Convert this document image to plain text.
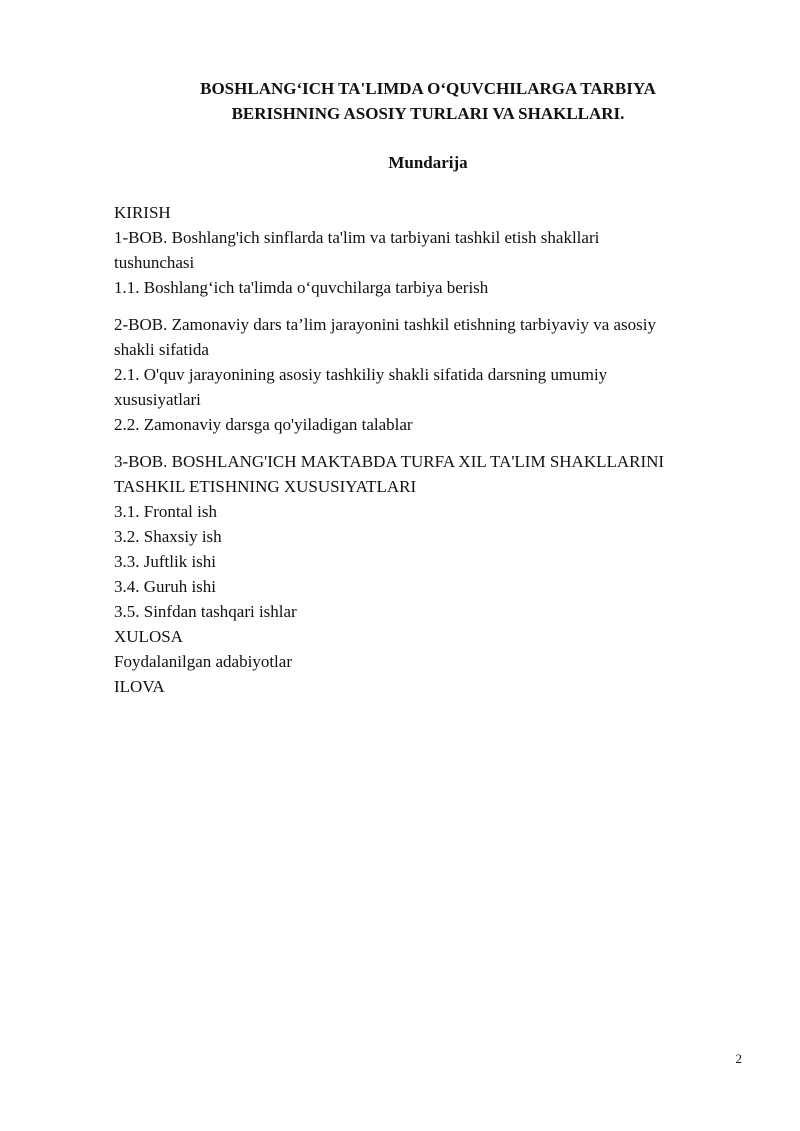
BOSHLANG‘ICH TA'LIMDA O‘QUVCHILARGA TARBIYA
BERISHNING ASOSIY TURLARI VA SHAKLLARI.
Mundarija
KIRISH
1-BOB. Boshlang'ich sinflarda ta'lim va tarbiyani tashkil etish shakllari
tushunchasi
1.1. Boshlang‘ich ta'limda o‘quvchilarga tarbiya berish
2-BOB. Zamonaviy dars ta’lim jarayonini tashkil etishning tarbiyaviy va asosiy
shakli sifatida
2.1. O'quv jarayonining asosiy tashkiliy shakli sifatida darsning umumiy
xususiyatlari
2.2. Zamonaviy darsga qo'yiladigan talablar
3-BOB. BOSHLANG'ICH MAKTABDA TURFA XIL TA'LIM SHAKLLARINI
TASHKIL ETISHNING XUSUSIYATLARI
3.1. Frontal ish
3.2. Shaxsiy ish
3.3. Juftlik ishi
3.4. Guruh ishi
3.5. Sinfdan tashqari ishlar
XULOSA
Foydalanilgan adabiyotlar
ILOVA
2
